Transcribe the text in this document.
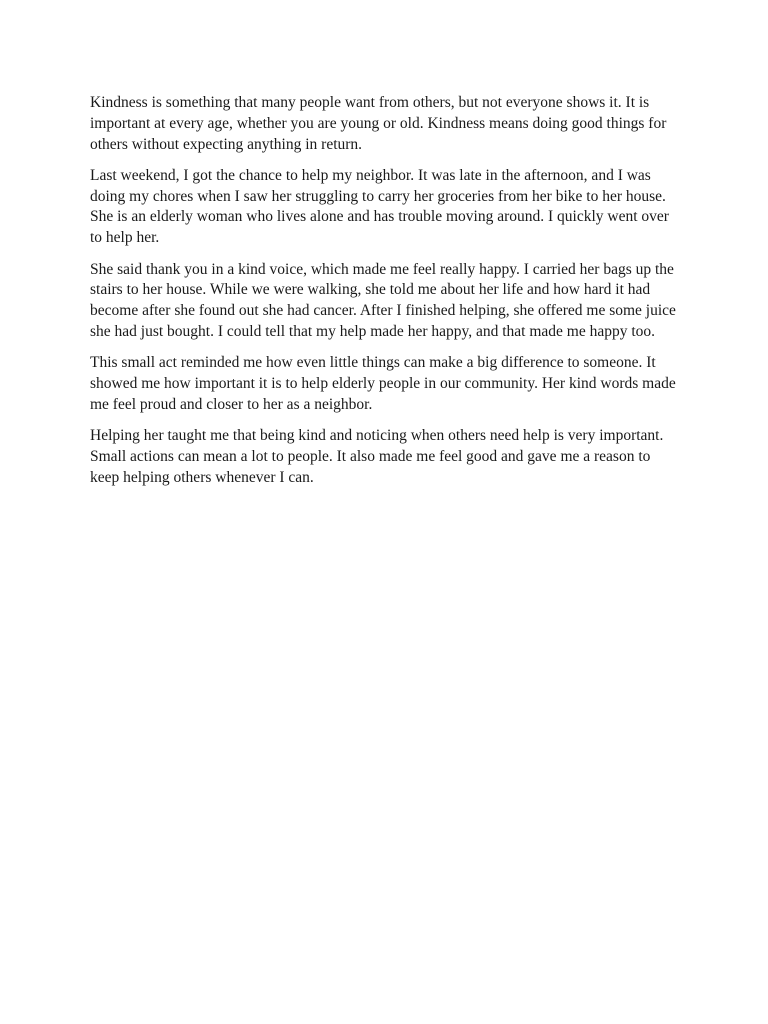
Kindness is something that many people want from others, but not everyone shows it. It is important at every age, whether you are young or old. Kindness means doing good things for others without expecting anything in return.

Last weekend, I got the chance to help my neighbor. It was late in the afternoon, and I was doing my chores when I saw her struggling to carry her groceries from her bike to her house. She is an elderly woman who lives alone and has trouble moving around. I quickly went over to help her.

She said thank you in a kind voice, which made me feel really happy. I carried her bags up the stairs to her house. While we were walking, she told me about her life and how hard it had become after she found out she had cancer. After I finished helping, she offered me some juice she had just bought. I could tell that my help made her happy, and that made me happy too.

This small act reminded me how even little things can make a big difference to someone. It showed me how important it is to help elderly people in our community. Her kind words made me feel proud and closer to her as a neighbor.

Helping her taught me that being kind and noticing when others need help is very important. Small actions can mean a lot to people. It also made me feel good and gave me a reason to keep helping others whenever I can.
